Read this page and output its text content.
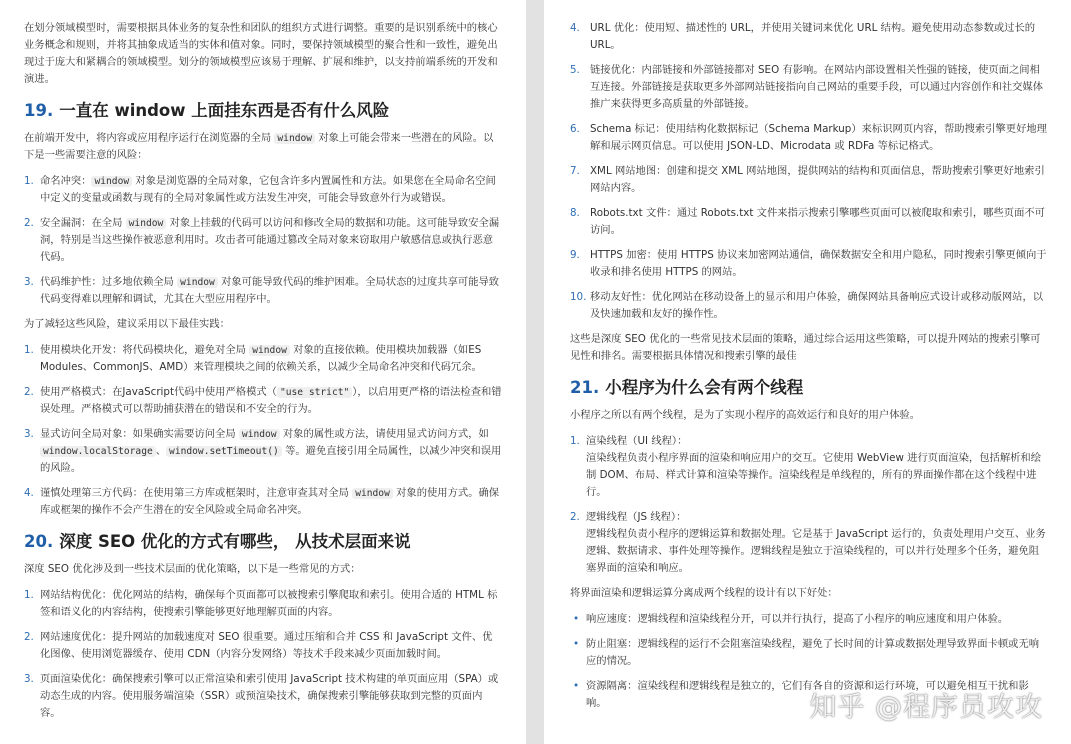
在划分领域模型时，需要根据具体业务的复杂性和团队的组织方式进行调整。重要的是识别系统中的核心业务概念和规则，并将其抽象成适当的实体和值对象。同时，要保持领域模型的聚合性和一致性，避免出现过于庞大和紧耦合的领域模型。划分的领域模型应该易于理解、扩展和维护，以支持前端系统的开发和演进。

19. 一直在 window 上面挂东西是否有什么风险

在前端开发中，将内容或应用程序运行在浏览器的全局 window 对象上可能会带来一些潜在的风险。以下是一些需要注意的风险：

1. 命名冲突： window 对象是浏览器的全局对象，它包含许多内置属性和方法。如果您在全局命名空间中定义的变量或函数与现有的全局对象属性或方法发生冲突，可能会导致意外行为或错误。
2. 安全漏洞：在全局 window 对象上挂载的代码可以访问和修改全局的数据和功能。这可能导致安全漏洞，特别是当这些操作被恶意利用时。攻击者可能通过篡改全局对象来窃取用户敏感信息或执行恶意代码。
3. 代码维护性：过多地依赖全局 window 对象可能导致代码的维护困难。全局状态的过度共享可能导致代码变得难以理解和调试，尤其在大型应用程序中。

为了减轻这些风险，建议采用以下最佳实践：

1. 使用模块化开发：将代码模块化，避免对全局 window 对象的直接依赖。使用模块加载器（如ES Modules、CommonJS、AMD）来管理模块之间的依赖关系，以减少全局命名冲突和代码冗余。
2. 使用严格模式：在JavaScript代码中使用严格模式（ "use strict" ），以启用更严格的语法检查和错误处理。严格模式可以帮助捕获潜在的错误和不安全的行为。
3. 显式访问全局对象：如果确实需要访问全局 window 对象的属性或方法，请使用显式访问方式，如 window.localStorage 、 window.setTimeout() 等。避免直接引用全局属性，以减少冲突和误用的风险。
4. 谨慎处理第三方代码：在使用第三方库或框架时，注意审查其对全局 window 对象的使用方式。确保库或框架的操作不会产生潜在的安全风险或全局命名冲突。
20. 深度 SEO 优化的方式有哪些， 从技术层面来说

深度 SEO 优化涉及到一些技术层面的优化策略，以下是一些常见的方式：

1. 网站结构优化：优化网站的结构，确保每个页面都可以被搜索引擎爬取和索引。使用合适的 HTML 标签和语义化的内容结构，使搜索引擎能够更好地理解页面的内容。
2. 网站速度优化：提升网站的加载速度对 SEO 很重要。通过压缩和合并 CSS 和 JavaScript 文件、优化图像、使用浏览器缓存、使用 CDN（内容分发网络）等技术手段来减少页面加载时间。
3. 页面渲染优化：确保搜索引擎可以正常渲染和索引使用 JavaScript 技术构建的单页面应用（SPA）或动态生成的内容。使用服务端渲染（SSR）或预渲染技术，确保搜索引擎能够获取到完整的页面内容。
4. URL 优化：使用短、描述性的 URL，并使用关键词来优化 URL 结构。避免使用动态参数或过长的 URL。
5. 链接优化：内部链接和外部链接都对 SEO 有影响。在网站内部设置相关性强的链接，使页面之间相互连接。外部链接是获取更多外部网站链接指向自己网站的重要手段，可以通过内容创作和社交媒体推广来获得更多高质量的外部链接。
6. Schema 标记：使用结构化数据标记（Schema Markup）来标识网页内容，帮助搜索引擎更好地理解和展示网页信息。可以使用 JSON-LD、Microdata 或 RDFa 等标记格式。
7. XML 网站地图：创建和提交 XML 网站地图，提供网站的结构和页面信息，帮助搜索引擎更好地索引网站内容。
8. Robots.txt 文件：通过 Robots.txt 文件来指示搜索引擎哪些页面可以被爬取和索引，哪些页面不可访问。
9. HTTPS 加密：使用 HTTPS 协议来加密网站通信，确保数据安全和用户隐私，同时搜索引擎更倾向于收录和排名使用 HTTPS 的网站。
10. 移动友好性：优化网站在移动设备上的显示和用户体验，确保网站具备响应式设计或移动版网站，以及快速加载和友好的操作性。

这些是深度 SEO 优化的一些常见技术层面的策略，通过综合运用这些策略，可以提升网站的搜索引擎可见性和排名。需要根据具体情况和搜索引擎的最佳

21. 小程序为什么会有两个线程

小程序之所以有两个线程，是为了实现小程序的高效运行和良好的用户体验。

1. 渲染线程（UI 线程）：
渲染线程负责小程序界面的渲染和响应用户的交互。它使用 WebView 进行页面渲染，包括解析和绘制 DOM、布局、样式计算和渲染等操作。渲染线程是单线程的，所有的界面操作都在这个线程中进行。
2. 逻辑线程（JS 线程）：
逻辑线程负责小程序的逻辑运算和数据处理。它是基于 JavaScript 运行的，负责处理用户交互、业务逻辑、数据请求、事件处理等操作。逻辑线程是独立于渲染线程的，可以并行处理多个任务，避免阻塞界面的渲染和响应。

将界面渲染和逻辑运算分离成两个线程的设计有以下好处：

• 响应速度：逻辑线程和渲染线程分开，可以并行执行，提高了小程序的响应速度和用户体验。
• 防止阻塞：逻辑线程的运行不会阻塞渲染线程，避免了长时间的计算或数据处理导致界面卡顿或无响应的情况。
• 资源隔离：渲染线程和逻辑线程是独立的，它们有各自的资源和运行环境，可以避免相互干扰和影响。	知乎 @程序员攻攻
